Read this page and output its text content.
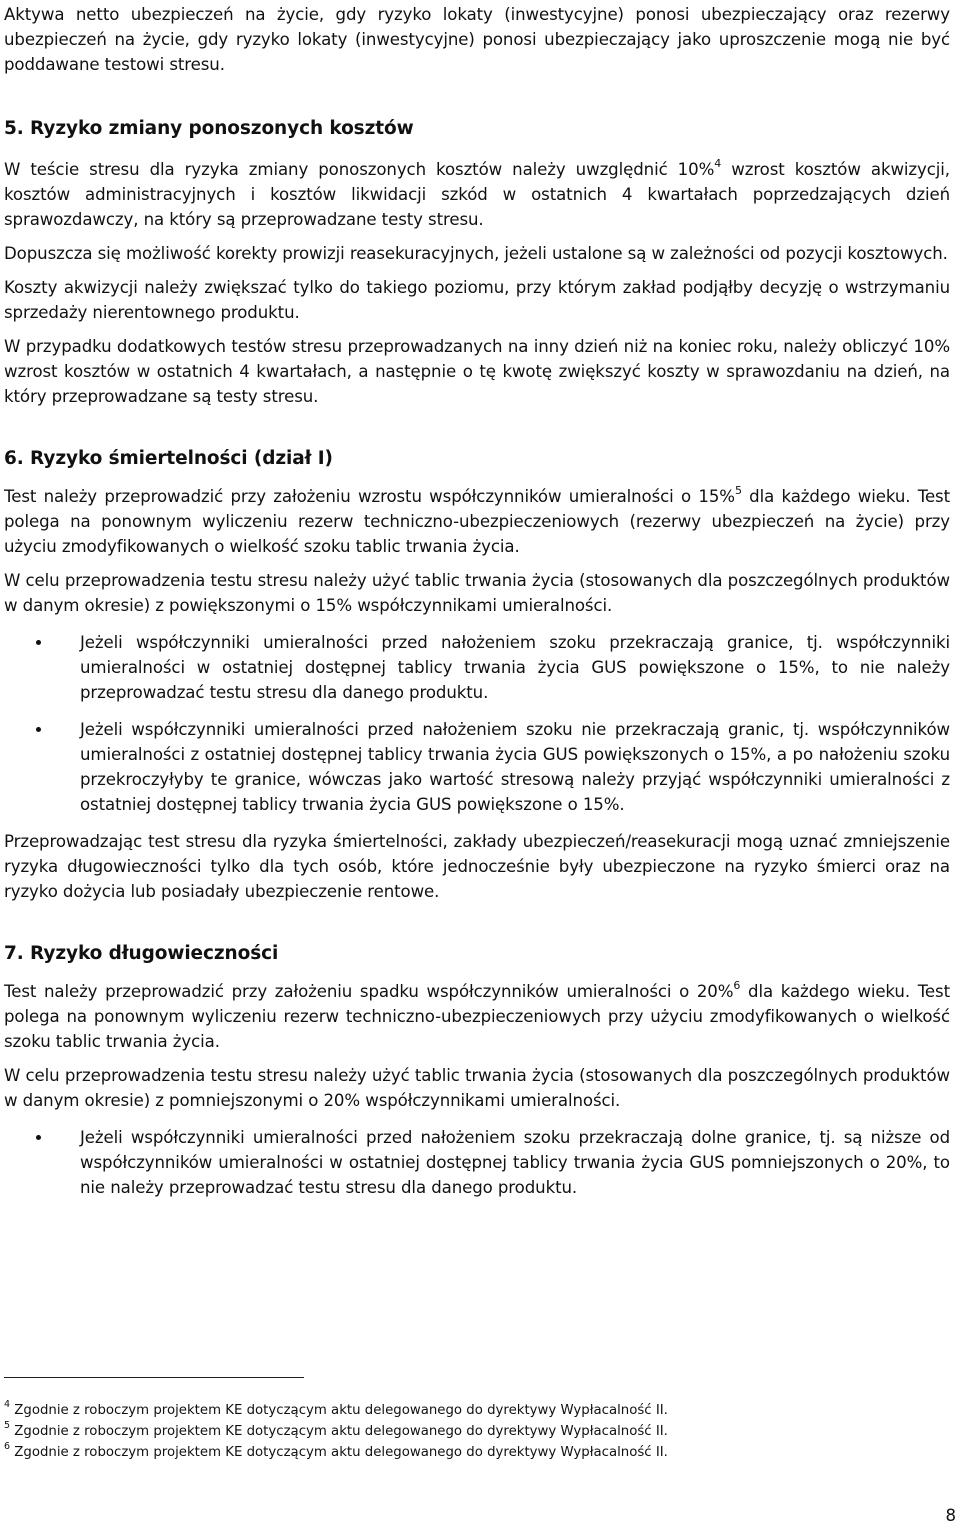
Aktywa netto ubezpieczeń na życie, gdy ryzyko lokaty (inwestycyjne) ponosi ubezpieczający oraz rezerwy ubezpieczeń na życie, gdy ryzyko lokaty (inwestycyjne) ponosi ubezpieczający jako uproszczenie mogą nie być poddawane testowi stresu.

5. Ryzyko zmiany ponoszonych kosztów

W teście stresu dla ryzyka zmiany ponoszonych kosztów należy uwzględnić 10%$^4$ wzrost kosztów akwizycji, kosztów administracyjnych i kosztów likwidacji szkód w ostatnich 4 kwartałach poprzedzających dzień sprawozdawczy, na który są przeprowadzane testy stresu.

Dopuszcza się możliwość korekty prowizji reasekuracyjnych, jeżeli ustalone są w zależności od pozycji kosztowych.

Koszty akwizycji należy zwiększać tylko do takiego poziomu, przy którym zakład podjąłby decyzję o wstrzymaniu sprzedaży nierentownego produktu.

W przypadku dodatkowych testów stresu przeprowadzanych na inny dzień niż na koniec roku, należy obliczyć 10% wzrost kosztów w ostatnich 4 kwartałach, a następnie o tę kwotę zwiększyć koszty w sprawozdaniu na dzień, na który przeprowadzane są testy stresu.

6. Ryzyko śmiertelności (dział I)

Test należy przeprowadzić przy założeniu wzrostu współczynników umieralności o 15%$^5$ dla każdego wieku. Test polega na ponownym wyliczeniu rezerw techniczno-ubezpieczeniowych (rezerwy ubezpieczeń na życie) przy użyciu zmodyfikowanych o wielkość szoku tablic trwania życia.

W celu przeprowadzenia testu stresu należy użyć tablic trwania życia (stosowanych dla poszczególnych produktów w danym okresie) z powiększonymi o 15% współczynnikami umieralności.

Jeżeli współczynniki umieralności przed nałożeniem szoku przekraczają granice, tj. współczynniki umieralności w ostatniej dostępnej tablicy trwania życia GUS powiększone o 15%, to nie należy przeprowadzać testu stresu dla danego produktu.

Jeżeli współczynniki umieralności przed nałożeniem szoku nie przekraczają granic, tj. współczynników umieralności z ostatniej dostępnej tablicy trwania życia GUS powiększonych o 15%, a po nałożeniu szoku przekroczyłyby te granice, wówczas jako wartość stresową należy przyjąć współczynniki umieralności z ostatniej dostępnej tablicy trwania życia GUS powiększone o 15%.

Przeprowadzając test stresu dla ryzyka śmiertelności, zakłady ubezpieczeń/reasekuracji mogą uznać zmniejszenie ryzyka długowieczności tylko dla tych osób, które jednocześnie były ubezpieczone na ryzyko śmierci oraz na ryzyko dożycia lub posiadały ubezpieczenie rentowe.

7. Ryzyko długowieczności

Test należy przeprowadzić przy założeniu spadku współczynników umieralności o 20%$^6$ dla każdego wieku. Test polega na ponownym wyliczeniu rezerw techniczno-ubezpieczeniowych przy użyciu zmodyfikowanych o wielkość szoku tablic trwania życia.

W celu przeprowadzenia testu stresu należy użyć tablic trwania życia (stosowanych dla poszczególnych produktów w danym okresie) z pomniejszonymi o 20% współczynnikami umieralności.

Jeżeli współczynniki umieralności przed nałożeniem szoku przekraczają dolne granice, tj. są niższe od współczynników umieralności w ostatniej dostępnej tablicy trwania życia GUS pomniejszonych o 20%, to nie należy przeprowadzać testu stresu dla danego produktu.

$^4$ Zgodnie z roboczym projektem KE dotyczącym aktu delegowanego do dyrektywy Wypłacalność II.

$^5$ Zgodnie z roboczym projektem KE dotyczącym aktu delegowanego do dyrektywy Wypłacalność II.

$^6$ Zgodnie z roboczym projektem KE dotyczącym aktu delegowanego do dyrektywy Wypłacalność II.

8
